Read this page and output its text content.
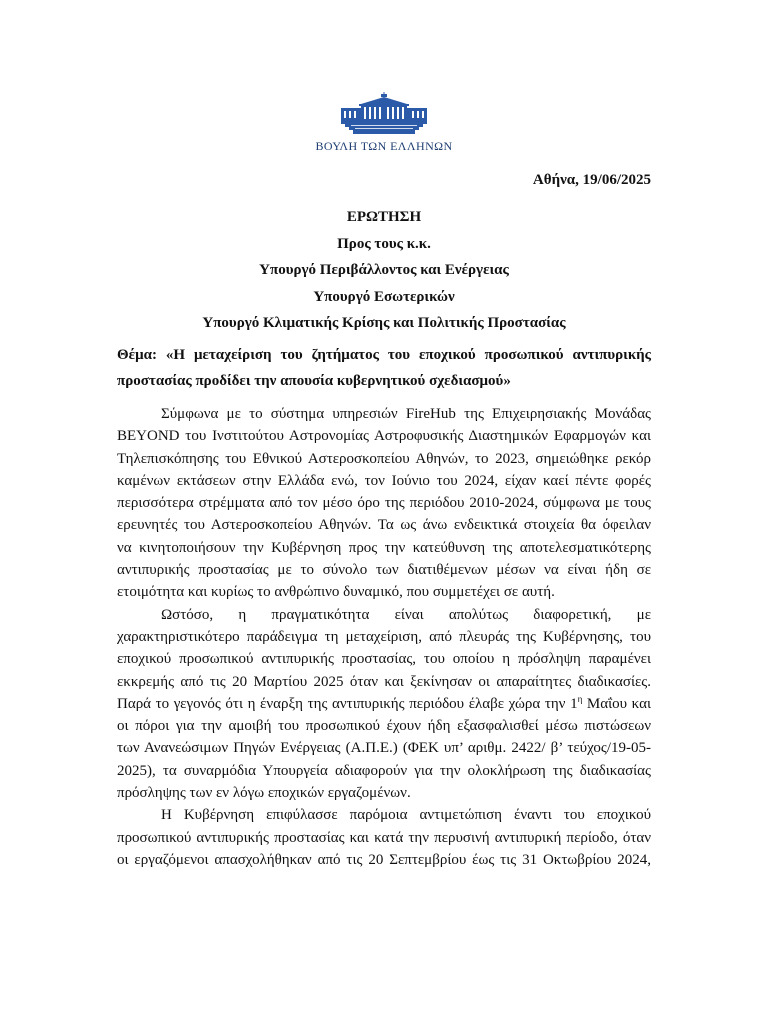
ΒΟΥΛΗ ΤΩΝ ΕΛΛΗΝΩΝ
Αθήνα, 19/06/2025
ΕΡΩΤΗΣΗ
Προς τους κ.κ.
Υπουργό Περιβάλλοντος και Ενέργειας
Υπουργό Εσωτερικών
Υπουργό Κλιματικής Κρίσης και Πολιτικής Προστασίας
Θέμα: «Η μεταχείριση του ζητήματος του εποχικού προσωπικού αντιπυρικής
προστασίας προδίδει την απουσία κυβερνητικού σχεδιασμού»
Σύμφωνα με το σύστημα υπηρεσιών FireHub της Επιχειρησιακής Μονάδας
BEYOND του Ινστιτούτου Αστρονομίας Αστροφυσικής Διαστημικών Εφαρμογών και
Τηλεπισκόπησης του Εθνικού Αστεροσκοπείου Αθηνών, το 2023, σημειώθηκε ρεκόρ
καμένων εκτάσεων στην Ελλάδα ενώ, τον Ιούνιο του 2024, είχαν καεί πέντε φορές
περισσότερα στρέμματα από τον μέσο όρο της περιόδου 2010-2024, σύμφωνα με τους
ερευνητές του Αστεροσκοπείου Αθηνών. Τα ως άνω ενδεικτικά στοιχεία θα όφειλαν
να κινητοποιήσουν την Κυβέρνηση προς την κατεύθυνση της αποτελεσματικότερης
αντιπυρικής προστασίας με το σύνολο των διατιθέμενων μέσων να είναι ήδη σε
ετοιμότητα και κυρίως το ανθρώπινο δυναμικό, που συμμετέχει σε αυτή.
Ωστόσο, η πραγματικότητα είναι απολύτως διαφορετική, με
χαρακτηριστικότερο παράδειγμα τη μεταχείριση, από πλευράς της Κυβέρνησης, του
εποχικού προσωπικού αντιπυρικής προστασίας, του οποίου η πρόσληψη παραμένει
εκκρεμής από τις 20 Μαρτίου 2025 όταν και ξεκίνησαν οι απαραίτητες διαδικασίες.
Παρά το γεγονός ότι η έναρξη της αντιπυρικής περιόδου έλαβε χώρα την $1^\eta$ Μαΐου και
οι πόροι για την αμοιβή του προσωπικού έχουν ήδη εξασφαλισθεί μέσω πιστώσεων
των Ανανεώσιμων Πηγών Ενέργειας (Α.Π.Ε.) (ΦΕΚ υπ’ αριθμ. 2422/ β’ τεύχος/19-05-
2025), τα συναρμόδια Υπουργεία αδιαφορούν για την ολοκλήρωση της διαδικασίας
πρόσληψης των εν λόγω εποχικών εργαζομένων.
Η Κυβέρνηση επιφύλασσε παρόμοια αντιμετώπιση έναντι του εποχικού
προσωπικού αντιπυρικής προστασίας και κατά την περυσινή αντιπυρική περίοδο, όταν
οι εργαζόμενοι απασχολήθηκαν από τις 20 Σεπτεμβρίου έως τις 31 Οκτωβρίου 2024,
